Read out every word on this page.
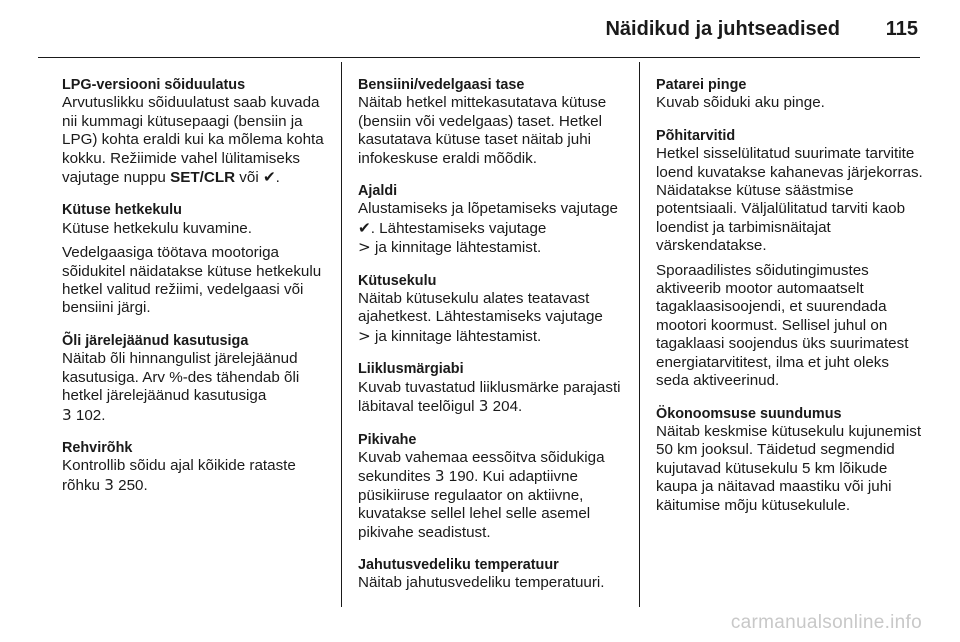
Näidikud ja juhtseadised 115
LPG-versiooni sõiduulatus

Arvutuslikku sõiduulatust saab kuvada nii kummagi kütusepaagi (bensiin ja LPG) kohta eraldi kui ka mõlema kohta kokku. Režiimide vahel lülitamiseks vajutage nuppu SET/CLR või ✔.

Kütuse hetkekulu

Kütuse hetkekulu kuvamine.

Vedelgaasiga töötava mootoriga sõidukitel näidatakse kütuse hetkekulu hetkel valitud režiimi, vedelgaasi või bensiini järgi.

Õli järelejäänud kasutusiga

Näitab õli hinnangulist järelejäänud kasutusiga. Arv %-des tähendab õli hetkel järelejäänud kasutusiga
3 102.

Rehvirõhk

Kontrollib sõidu ajal kõikide rataste rõhku 3 250.

Bensiini/vedelgaasi tase

Näitab hetkel mittekasutatava kütuse (bensiin või vedelgaas) taset. Hetkel kasutatava kütuse taset näitab juhi infokeskuse eraldi mõõdik.

Ajaldi

Alustamiseks ja lõpetamiseks vajutage ✔. Lähtestamiseks vajutage
> ja kinnitage lähtestamist.

Kütusekulu

Näitab kütusekulu alates teatavast ajahetkest. Lähtestamiseks vajutage
> ja kinnitage lähtestamist.

Liiklusmärgiabi

Kuvab tuvastatud liiklusmärke parajasti läbitaval teelõigul 3 204.

Pikivahe

Kuvab vahemaa eessõitva sõidukiga sekundites 3 190. Kui adaptiivne püsikiiruse regulaator on aktiivne, kuvatakse sellel lehel selle asemel pikivahe seadistust.

Jahutusvedeliku temperatuur

Näitab jahutusvedeliku temperatuuri.

Patarei pinge

Kuvab sõiduki aku pinge.

Põhitarvitid

Hetkel sisselülitatud suurimate tarvitite loend kuvatakse kahanevas järjekorras. Näidatakse kütuse säästmise potentsiaali. Väljalülitatud tarviti kaob loendist ja tarbimisnäitajat värskendatakse.

Sporaadilistes sõidutingimustes aktiveerib mootor automaatselt tagaklaasisoojendi, et suurendada mootori koormust. Sellisel juhul on tagaklaasi soojendus üks suurimatest energiatarvititest, ilma et juht oleks seda aktiveerinud.

Ökonoomsuse suundumus

Näitab keskmise kütusekulu kujunemist 50 km jooksul. Täidetud segmendid kujutavad kütusekulu 5 km lõikude kaupa ja näitavad maastiku või juhi käitumise mõju kütusekulule.

carmanualsonline.info
